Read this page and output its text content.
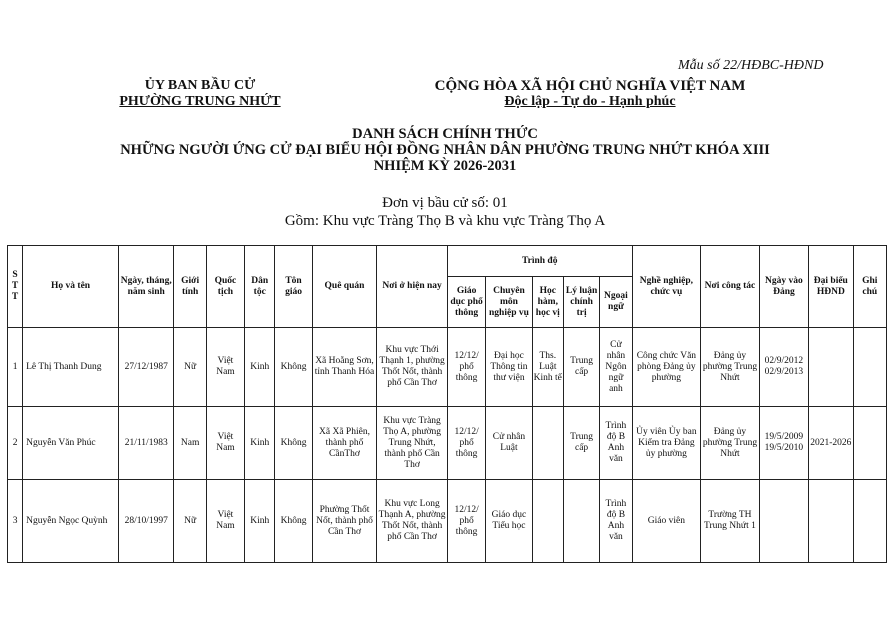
Mẫu số 22/HĐBC-HĐND
ỦY BAN BẦU CỬ
PHƯỜNG TRUNG NHỨT
CỘNG HÒA XÃ HỘI CHỦ NGHĨA VIỆT NAM
Độc lập - Tự do - Hạnh phúc
DANH SÁCH CHÍNH THỨC
NHỮNG NGƯỜI ỨNG CỬ ĐẠI BIỂU HỘI ĐỒNG NHÂN DÂN PHƯỜNG TRUNG NHỨT KHÓA XIII
NHIỆM KỲ 2026-2031
Đơn vị bầu cử số: 01
Gồm: Khu vực Tràng Thọ B và khu vực Tràng Thọ A
S T T	Họ và tên	Ngày, tháng, năm sinh	Giới tính	Quốc tịch	Dân tộc	Tôn giáo	Quê quán	Nơi ở hiện nay	Trình độ					Nghề nghiệp, chức vụ	Nơi công tác	Ngày vào Đảng	Đại biểu HĐND	Ghi chú
									Giáo dục phổ thông	Chuyên môn nghiệp vụ	Học hàm, học vị	Lý luận chính trị	Ngoại ngữ					
1	Lê Thị Thanh Dung	27/12/1987	Nữ	Việt Nam	Kinh	Không	Xã Hoằng Sơn, tỉnh Thanh Hóa	Khu vực Thới Thạnh 1, phường Thốt Nốt, thành phố Cần Thơ	12/12/ phổ thông	Đại học Thông tin thư viện	Ths. Luật Kinh tế	Trung cấp	Cử nhân Ngôn ngữ anh	Công chức Văn phòng Đảng ủy phường	Đảng ủy phường Trung Nhứt	02/9/2012 02/9/2013		
2	Nguyễn Văn Phúc	21/11/1983	Nam	Việt Nam	Kinh	Không	Xã Xã Phiên, thành phố CầnThơ	Khu vực Tràng Thọ A, phường Trung Nhứt, thành phố Cần Thơ	12/12/ phổ thông	Cử nhân Luật		Trung cấp	Trình độ B Anh văn	Ủy viên Ủy ban Kiểm tra Đảng ủy phường	Đảng ủy phường Trung Nhứt	19/5/2009 19/5/2010	2021-2026	
3	Nguyễn Ngọc Quỳnh	28/10/1997	Nữ	Việt Nam	Kinh	Không	Phường Thốt Nốt, thành phố Cần Thơ	Khu vực Long Thạnh A, phường Thốt Nốt, thành phố Cần Thơ	12/12/ phổ thông	Giáo dục Tiểu học			Trình độ B Anh văn	Giáo viên	Trường TH Trung Nhứt 1			
